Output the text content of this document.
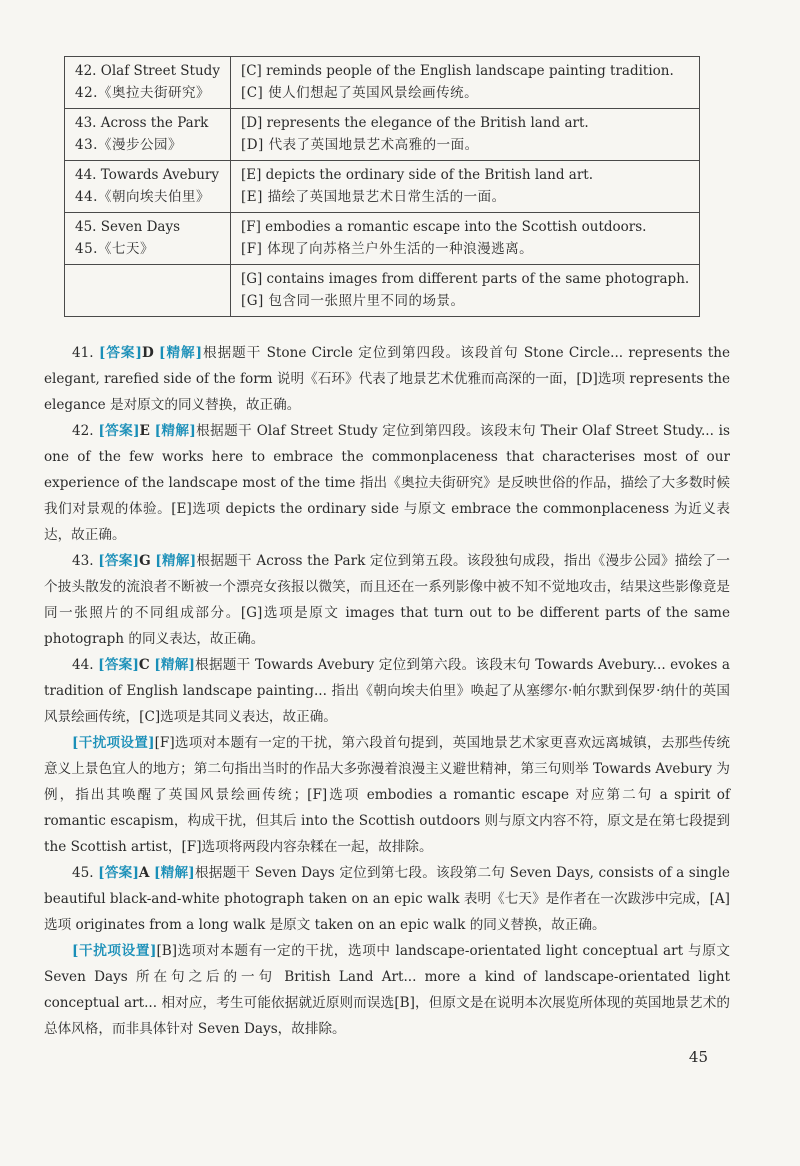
42. Olaf Street Study
42.《奥拉夫街研究》	[C] reminds people of the English landscape painting tradition.
[C] 使人们想起了英国风景绘画传统。

43. Across the Park
43.《漫步公园》	[D] represents the elegance of the British land art.
[D] 代表了英国地景艺术高雅的一面。

44. Towards Avebury
44.《朝向埃夫伯里》	[E] depicts the ordinary side of the British land art.
[E] 描绘了英国地景艺术日常生活的一面。

45. Seven Days
45.《七天》	[F] embodies a romantic escape into the Scottish outdoors.
[F] 体现了向苏格兰户外生活的一种浪漫逃离。

	[G] contains images from different parts of the same photograph.
[G] 包含同一张照片里不同的场景。

41. [答案]D [精解]根据题干 Stone Circle 定位到第四段。该段首句 Stone Circle... represents the elegant, rarefied side of the form 说明《石环》代表了地景艺术优雅而高深的一面，[D]选项 represents the elegance 是对原文的同义替换，故正确。

42. [答案]E [精解]根据题干 Olaf Street Study 定位到第四段。该段末句 Their Olaf Street Study... is one of the few works here to embrace the commonplaceness that characterises most of our experience of the landscape most of the time 指出《奥拉夫街研究》是反映世俗的作品，描绘了大多数时候我们对景观的体验。[E]选项 depicts the ordinary side 与原文 embrace the commonplaceness 为近义表达，故正确。

43. [答案]G [精解]根据题干 Across the Park 定位到第五段。该段独句成段，指出《漫步公园》描绘了一个披头散发的流浪者不断被一个漂亮女孩报以微笑，而且还在一系列影像中被不知不觉地攻击，结果这些影像竟是同一张照片的不同组成部分。[G]选项是原文 images that turn out to be different parts of the same photograph 的同义表达，故正确。

44. [答案]C [精解]根据题干 Towards Avebury 定位到第六段。该段末句 Towards Avebury... evokes a tradition of English landscape painting... 指出《朝向埃夫伯里》唤起了从塞缪尔·帕尔默到保罗·纳什的英国风景绘画传统，[C]选项是其同义表达，故正确。

[干扰项设置][F]选项对本题有一定的干扰，第六段首句提到，英国地景艺术家更喜欢远离城镇，去那些传统意义上景色宜人的地方；第二句指出当时的作品大多弥漫着浪漫主义避世精神，第三句则举 Towards Avebury 为例，指出其唤醒了英国风景绘画传统；[F]选项 embodies a romantic escape 对应第二句 a spirit of romantic escapism，构成干扰，但其后 into the Scottish outdoors 则与原文内容不符，原文是在第七段提到 the Scottish artist，[F]选项将两段内容杂糅在一起，故排除。

45. [答案]A [精解]根据题干 Seven Days 定位到第七段。该段第二句 Seven Days, consists of a single beautiful black-and-white photograph taken on an epic walk 表明《七天》是作者在一次跋涉中完成，[A]选项 originates from a long walk 是原文 taken on an epic walk 的同义替换，故正确。

[干扰项设置][B]选项对本题有一定的干扰，选项中 landscape-orientated light conceptual art 与原文 Seven Days 所在句之后的一句 British Land Art... more a kind of landscape-orientated light conceptual art... 相对应，考生可能依据就近原则而误选[B]，但原文是在说明本次展览所体现的英国地景艺术的总体风格，而非具体针对 Seven Days，故排除。

45
